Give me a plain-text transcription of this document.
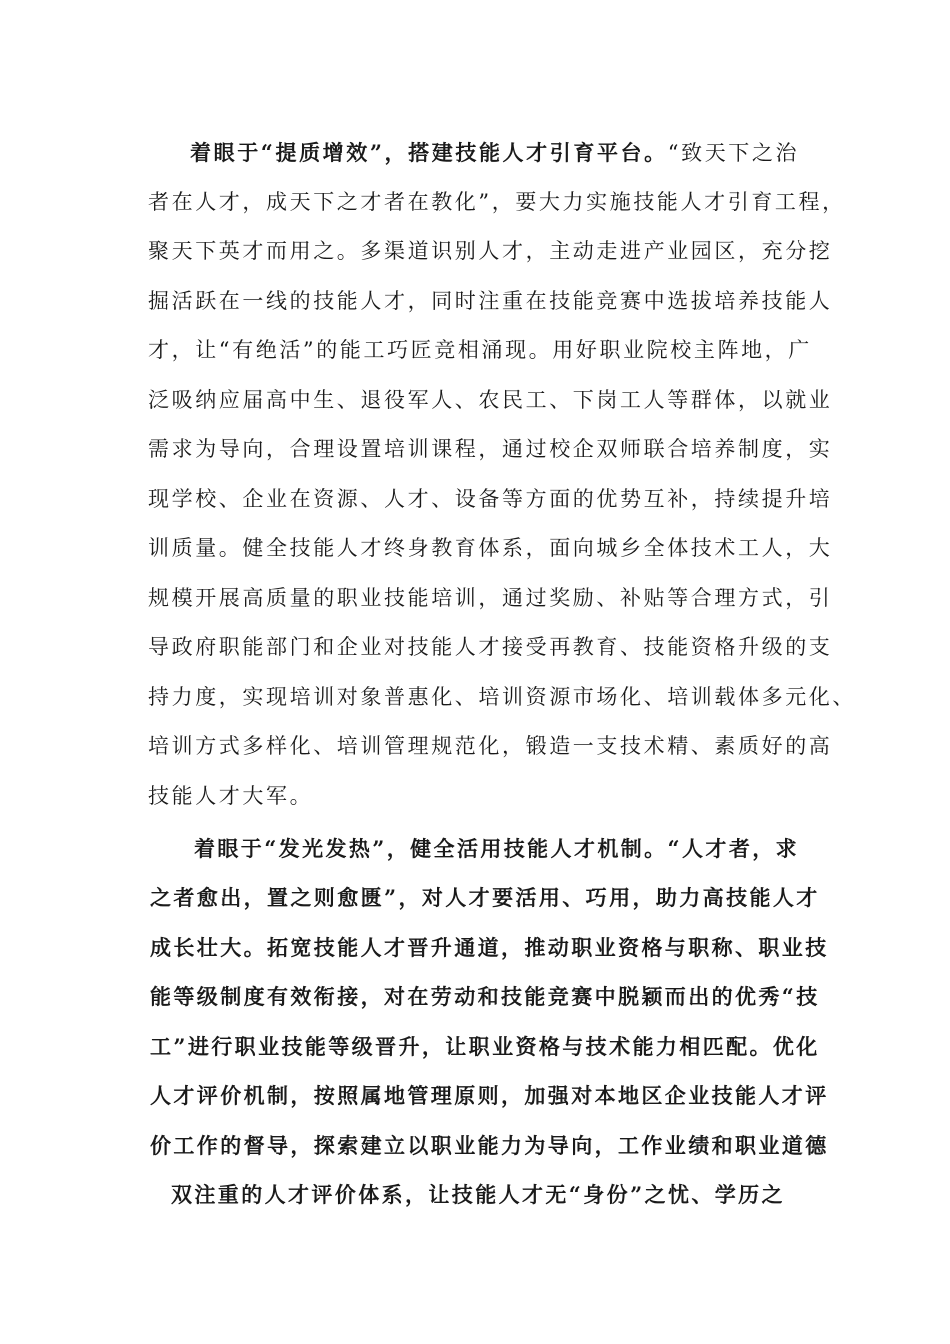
着眼于“提质增效”，搭建技能人才引育平台。“致天下之治
者在人才，成天下之才者在教化”，要大力实施技能人才引育工程，
聚天下英才而用之。多渠道识别人才，主动走进产业园区，充分挖
掘活跃在一线的技能人才，同时注重在技能竞赛中选拔培养技能人
才，让“有绝活”的能工巧匠竞相涌现。用好职业院校主阵地，广
泛吸纳应届高中生、退役军人、农民工、下岗工人等群体，以就业
需求为导向，合理设置培训课程，通过校企双师联合培养制度，实
现学校、企业在资源、人才、设备等方面的优势互补，持续提升培
训质量。健全技能人才终身教育体系，面向城乡全体技术工人，大
规模开展高质量的职业技能培训，通过奖励、补贴等合理方式，引
导政府职能部门和企业对技能人才接受再教育、技能资格升级的支
持力度，实现培训对象普惠化、培训资源市场化、培训载体多元化、
培训方式多样化、培训管理规范化，锻造一支技术精、素质好的高
技能人才大军。
着眼于“发光发热”，健全活用技能人才机制。“人才者，求
之者愈出，置之则愈匮”，对人才要活用、巧用，助力高技能人才
成长壮大。拓宽技能人才晋升通道，推动职业资格与职称、职业技
能等级制度有效衔接，对在劳动和技能竞赛中脱颖而出的优秀“技
工”进行职业技能等级晋升，让职业资格与技术能力相匹配。优化
人才评价机制，按照属地管理原则，加强对本地区企业技能人才评
价工作的督导，探索建立以职业能力为导向，工作业绩和职业道德
双注重的人才评价体系，让技能人才无“身份”之忧、学历之
